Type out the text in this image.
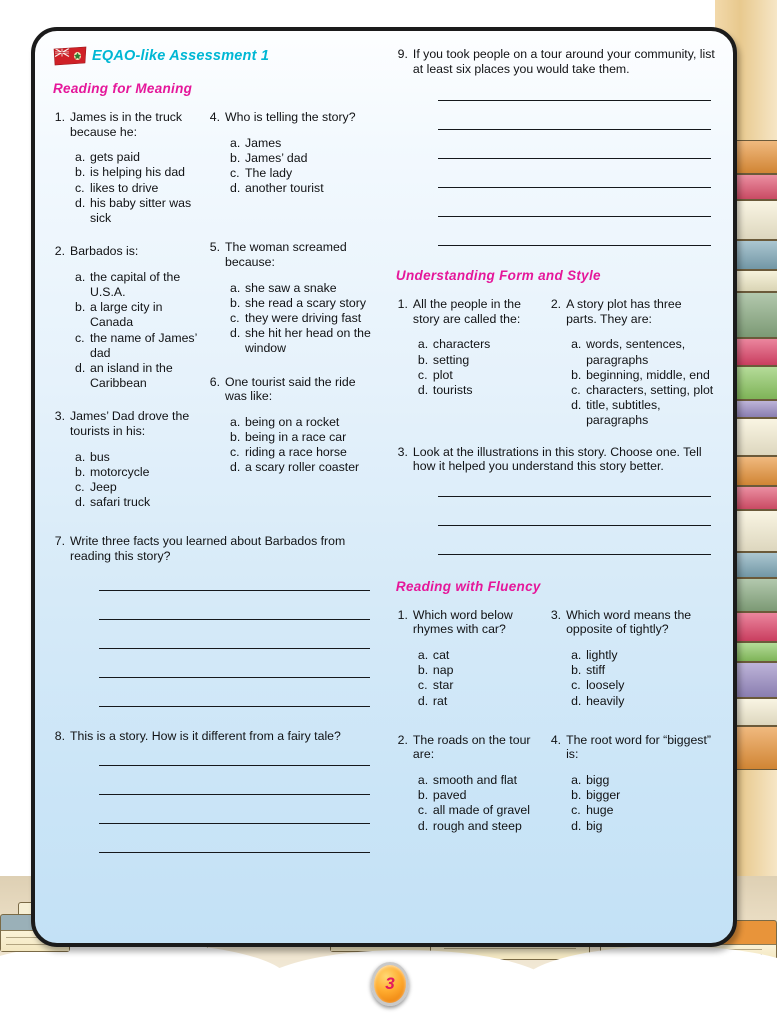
EQAO-like Assessment 1
Reading for Meaning
1. James is in the truck because he:
a. gets paid
b. is helping his dad
c. likes to drive
d. his baby sitter was sick
2. Barbados is:
a. the capital of the U.S.A.
b. a large city in Canada
c. the name of James’ dad
d. an island in the Caribbean
3. James’ Dad drove the tourists in his:
a. bus
b. motorcycle
c. Jeep
d. safari truck
4. Who is telling the story?
a. James
b. James’ dad
c. The lady
d. another tourist
5. The woman screamed because:
a. she saw a snake
b. she read a scary story
c. they were driving fast
d. she hit her head on the window
6. One tourist said the ride was like:
a. being on a rocket
b. being in a race car
c. riding a race horse
d. a scary roller coaster
7. Write three facts you learned about Barbados from reading this story?
8. This is a story. How is it different from a fairy tale?
9. If you took people on a tour around your community, list at least six places you would take them.
Understanding Form and Style
1. All the people in the story are called the:
a. characters
b. setting
c. plot
d. tourists
2. A story plot has three parts. They are:
a. words, sentences, paragraphs
b. beginning, middle, end
c. characters, setting, plot
d. title, subtitles, paragraphs
3. Look at the illustrations in this story. Choose one. Tell how it helped you understand this story better.
Reading with Fluency
1. Which word below rhymes with car?
a. cat
b. nap
c. star
d. rat
2. The roads on the tour are:
a. smooth and flat
b. paved
c. all made of gravel
d. rough and steep
3. Which word means the opposite of tightly?
a. lightly
b. stiff
c. loosely
d. heavily
4. The root word for “biggest” is:
a. bigg
b. bigger
c. huge
d. big
3
